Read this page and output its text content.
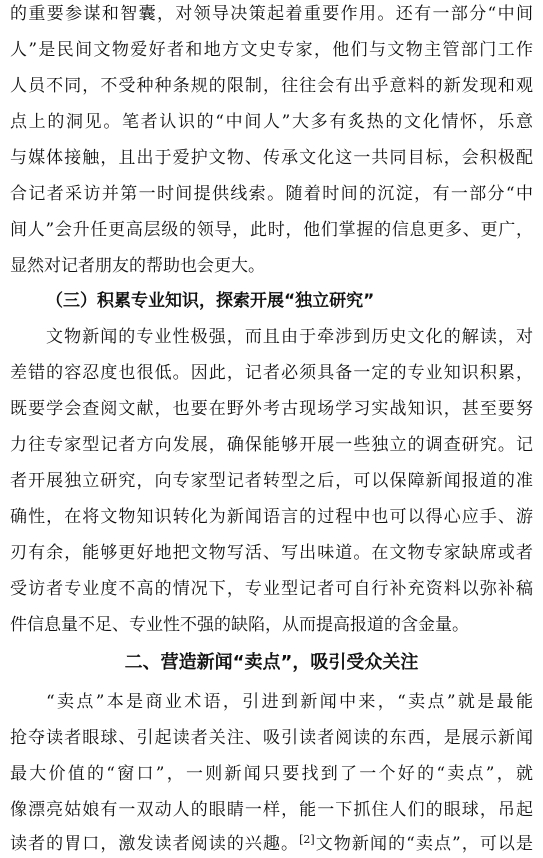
的重要参谋和智囊，对领导决策起着重要作用。还有一部分“中间
人”是民间文物爱好者和地方文史专家，他们与文物主管部门工作
人员不同，不受种种条规的限制，往往会有出乎意料的新发现和观
点上的洞见。笔者认识的“中间人”大多有炙热的文化情怀，乐意
与媒体接触，且出于爱护文物、传承文化这一共同目标，会积极配
合记者采访并第一时间提供线索。随着时间的沉淀，有一部分“中
间人”会升任更高层级的领导，此时，他们掌握的信息更多、更广，
显然对记者朋友的帮助也会更大。
（三）积累专业知识，探索开展“独立研究”
文物新闻的专业性极强，而且由于牵涉到历史文化的解读，对
差错的容忍度也很低。因此，记者必须具备一定的专业知识积累，
既要学会查阅文献，也要在野外考古现场学习实战知识，甚至要努
力往专家型记者方向发展，确保能够开展一些独立的调查研究。记
者开展独立研究，向专家型记者转型之后，可以保障新闻报道的准
确性，在将文物知识转化为新闻语言的过程中也可以得心应手、游
刃有余，能够更好地把文物写活、写出味道。在文物专家缺席或者
受访者专业度不高的情况下，专业型记者可自行补充资料以弥补稿
件信息量不足、专业性不强的缺陷，从而提高报道的含金量。
二、营造新闻“卖点”，吸引受众关注
“卖点”本是商业术语，引进到新闻中来，“卖点”就是最能
抢夺读者眼球、引起读者关注、吸引读者阅读的东西，是展示新闻
最大价值的“窗口”，一则新闻只要找到了一个好的“卖点”，就
像漂亮姑娘有一双动人的眼睛一样，能一下抓住人们的眼球，吊起
读者的胃口，激发读者阅读的兴趣。[2]文物新闻的“卖点”，可以是
